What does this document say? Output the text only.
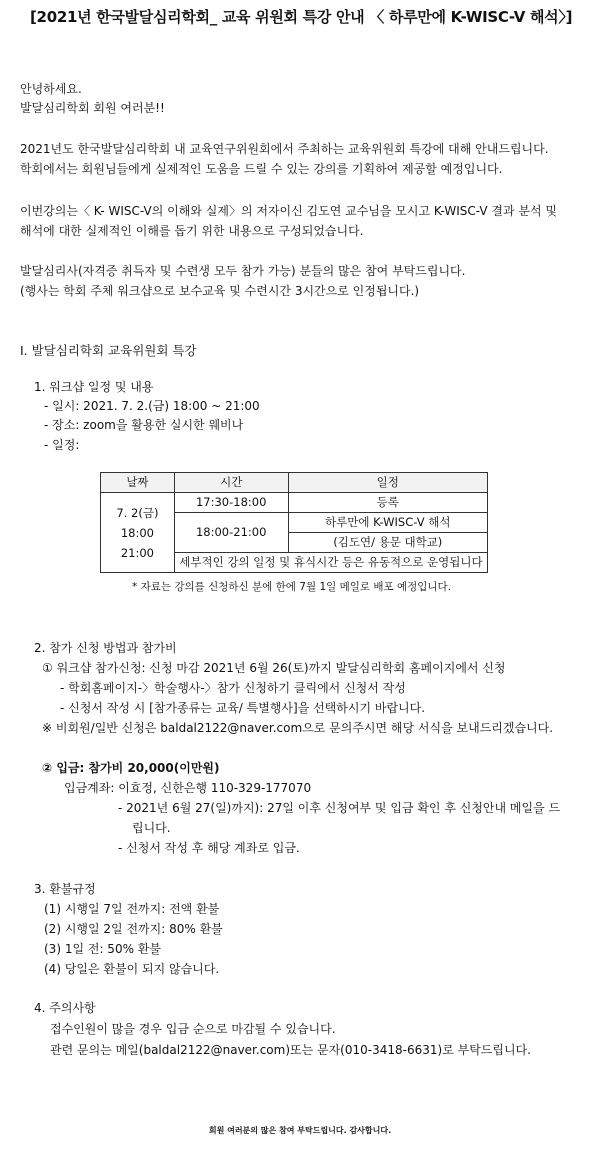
[2021년 한국발달심리학회_ 교육 위원회 특강 안내 〈 하루만에 K-WISC-V 해석〉]
안녕하세요.
발달심리학회 회원 여러분!!
2021년도 한국발달심리학회 내 교육연구위원회에서 주최하는 교육위원회 특강에 대해 안내드립니다.
학회에서는 회원님들에게 실제적인 도움을 드릴 수 있는 강의를 기획하여 제공할 예정입니다.
이번강의는〈 K- WISC-V의 이해와 실제〉의 저자이신 김도연 교수님을 모시고 K-WISC-V 결과 분석 및
해석에 대한 실제적인 이해를 돕기 위한 내용으로 구성되었습니다.
발달심리사(자격증 취득자 및 수련생 모두 참가 가능) 분들의 많은 참여 부탁드립니다.
(행사는 학회 주체 워크샵으로 보수교육 및 수련시간 3시간으로 인정됩니다.)
I. 발달심리학회 교육위원회 특강
1. 워크샵 일정 및 내용
- 일시: 2021. 7. 2.(금) 18:00 ~ 21:00
- 장소: zoom을 활용한 실시한 웨비나
- 일정:
날짜	시간	일정

7. 2(금)
18:00
21:00	17:30-18:00	등록
	18:00-21:00	하루만에 K-WISC-V 해석
		(김도연/ 용문 대학교)
	세부적인 강의 일정 및 휴식시간 등은 유동적으로 운영됩니다	
* 자료는 강의를 신청하신 분에 한에 7월 1일 메일로 배포 예정입니다.
2. 참가 신청 방법과 참가비
① 워크샵 참가신청: 신청 마감 2021년 6월 26(토)까지 발달심리학회 홈페이지에서 신청
- 학회홈페이지-〉학술행사-〉참가 신청하기 클릭에서 신청서 작성
- 신청서 작성 시 [참가종류는 교육/ 특별행사]을 선택하시기 바랍니다.
※ 비회원/일반 신청은 baldal2122@naver.com으로 문의주시면 해당 서식을 보내드리겠습니다.
② 입금: 참가비 20,000(이만원)
입금계좌: 이효정, 신한은행 110-329-177070
- 2021년 6월 27(일)까지): 27일 이후 신청여부 및 입금 확인 후 신청안내 메일을 드
립니다.
- 신청서 작성 후 해당 계좌로 입금.
3. 환불규정
(1) 시행일 7일 전까지: 전액 환불
(2) 시행일 2일 전까지: 80% 환불
(3) 1일 전: 50% 환불
(4) 당일은 환불이 되지 않습니다.
4. 주의사항
접수인원이 많을 경우 입금 순으로 마감될 수 있습니다.
관련 문의는 메일(baldal2122@naver.com)또는 문자(010-3418-6631)로 부탁드립니다.
회원 여러분의 많은 참여 부탁드립니다. 감사합니다.
